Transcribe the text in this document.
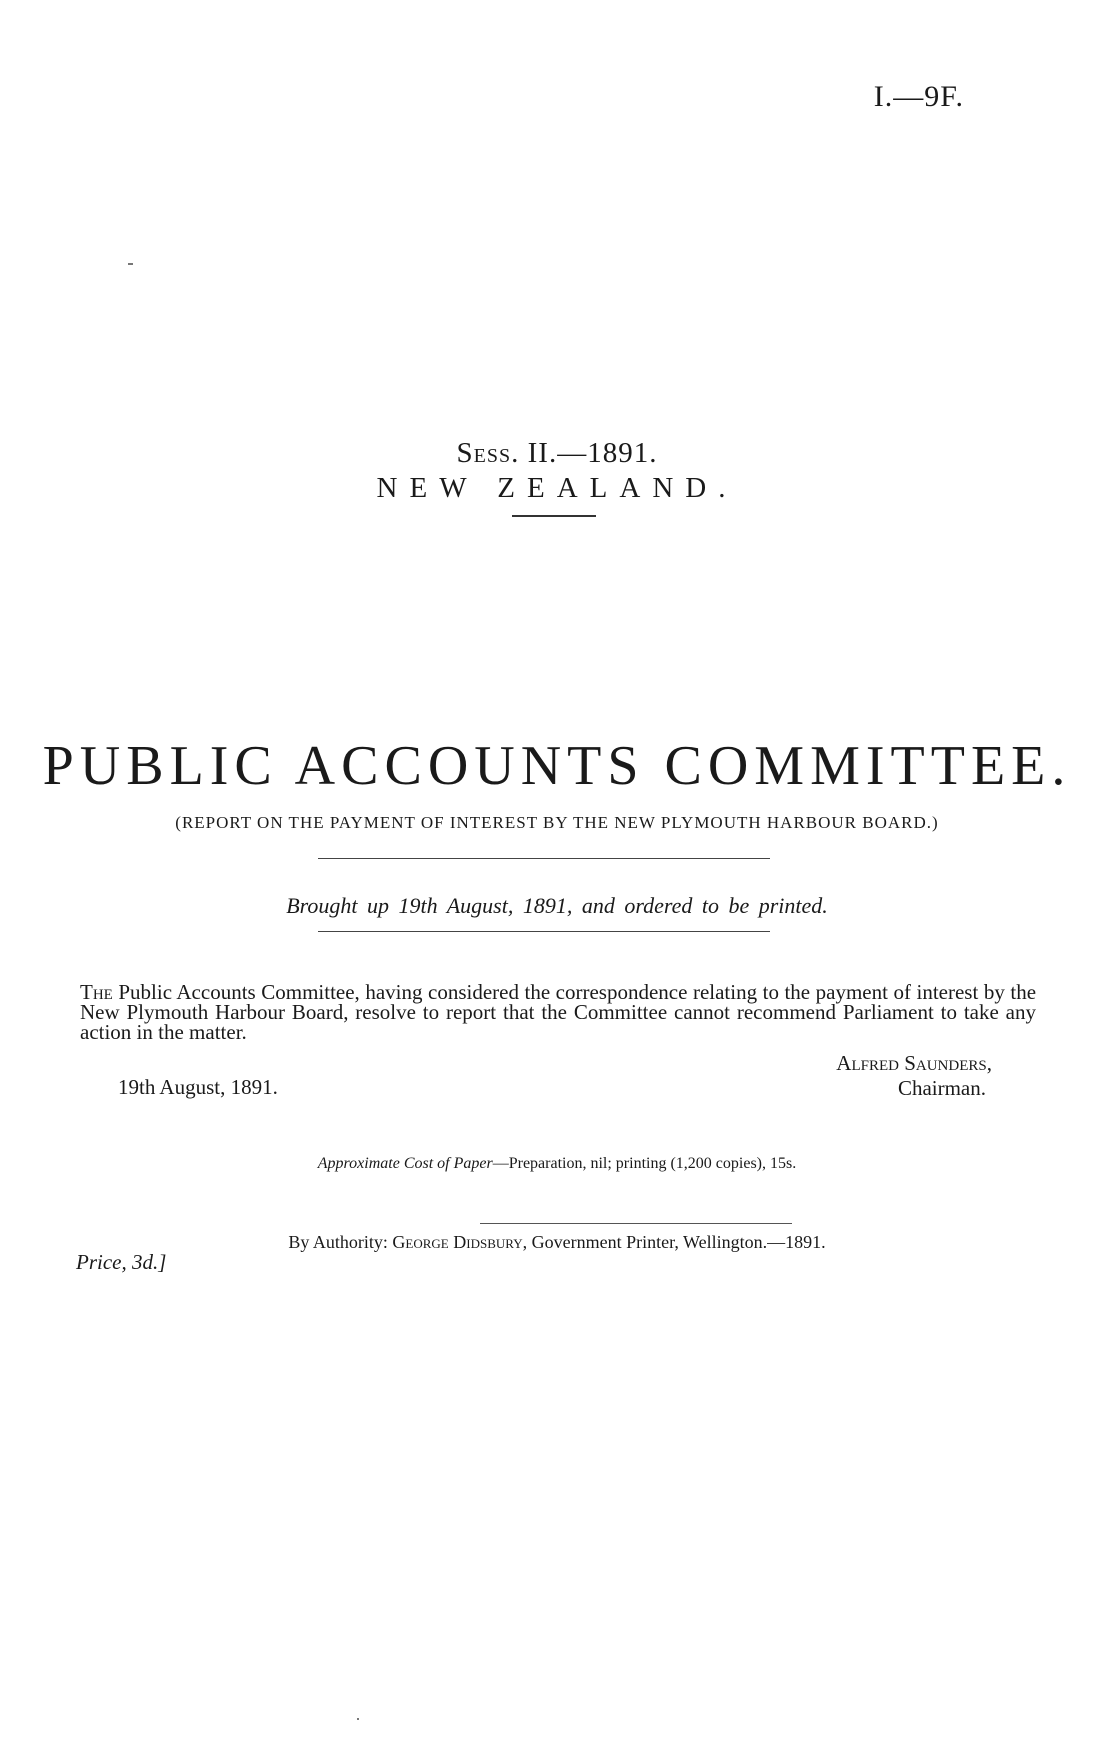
I.—9F.
Sess. II.—1891.
NEW ZEALAND.
PUBLIC ACCOUNTS COMMITTEE.
(REPORT ON THE PAYMENT OF INTEREST BY THE NEW PLYMOUTH HARBOUR BOARD.)
Brought up 19th August, 1891, and ordered to be printed.
The Public Accounts Committee, having considered the correspondence relating to the payment of interest by the New Plymouth Harbour Board, resolve to report that the Committee cannot recommend Parliament to take any action in the matter.
Alfred Saunders,
19th August, 1891.	Chairman.
Approximate Cost of Paper—Preparation, nil; printing (1,200 copies), 15s.
By Authority: George Didsbury, Government Printer, Wellington.—1891.
Price, 3d.]
